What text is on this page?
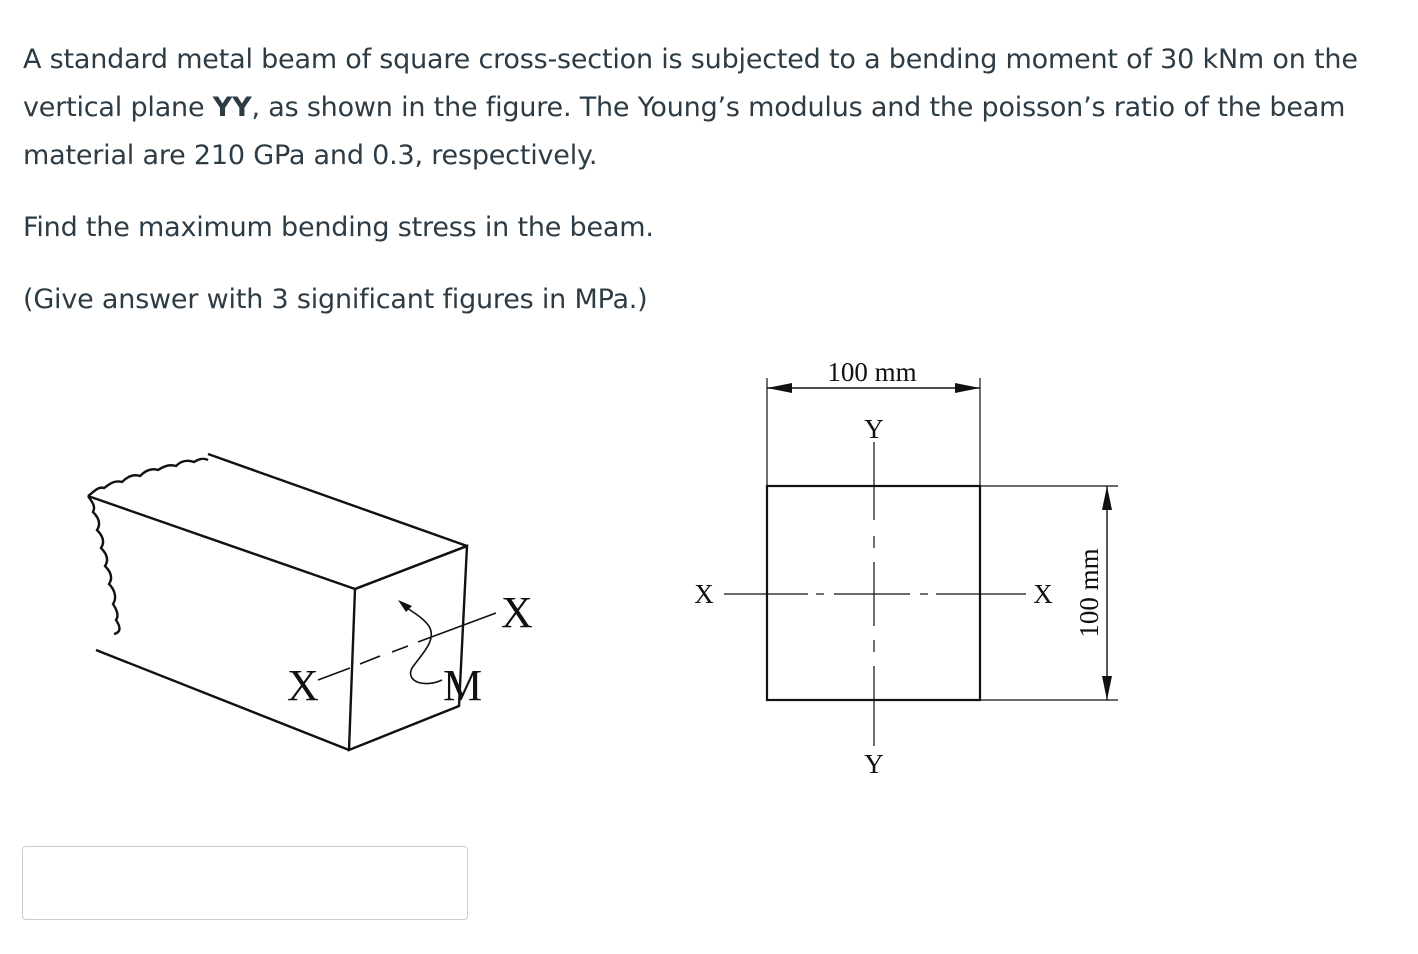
A standard metal beam of square cross-section is subjected to a bending moment of 30 kNm on the vertical plane YY, as shown in the figure. The Young’s modulus and the poisson’s ratio of the beam material are 210 GPa and 0.3, respectively.

Find the maximum bending stress in the beam.

(Give answer with 3 significant figures in MPa.)

X
X
M
100 mm
Y
Y
X	X 100 mm
